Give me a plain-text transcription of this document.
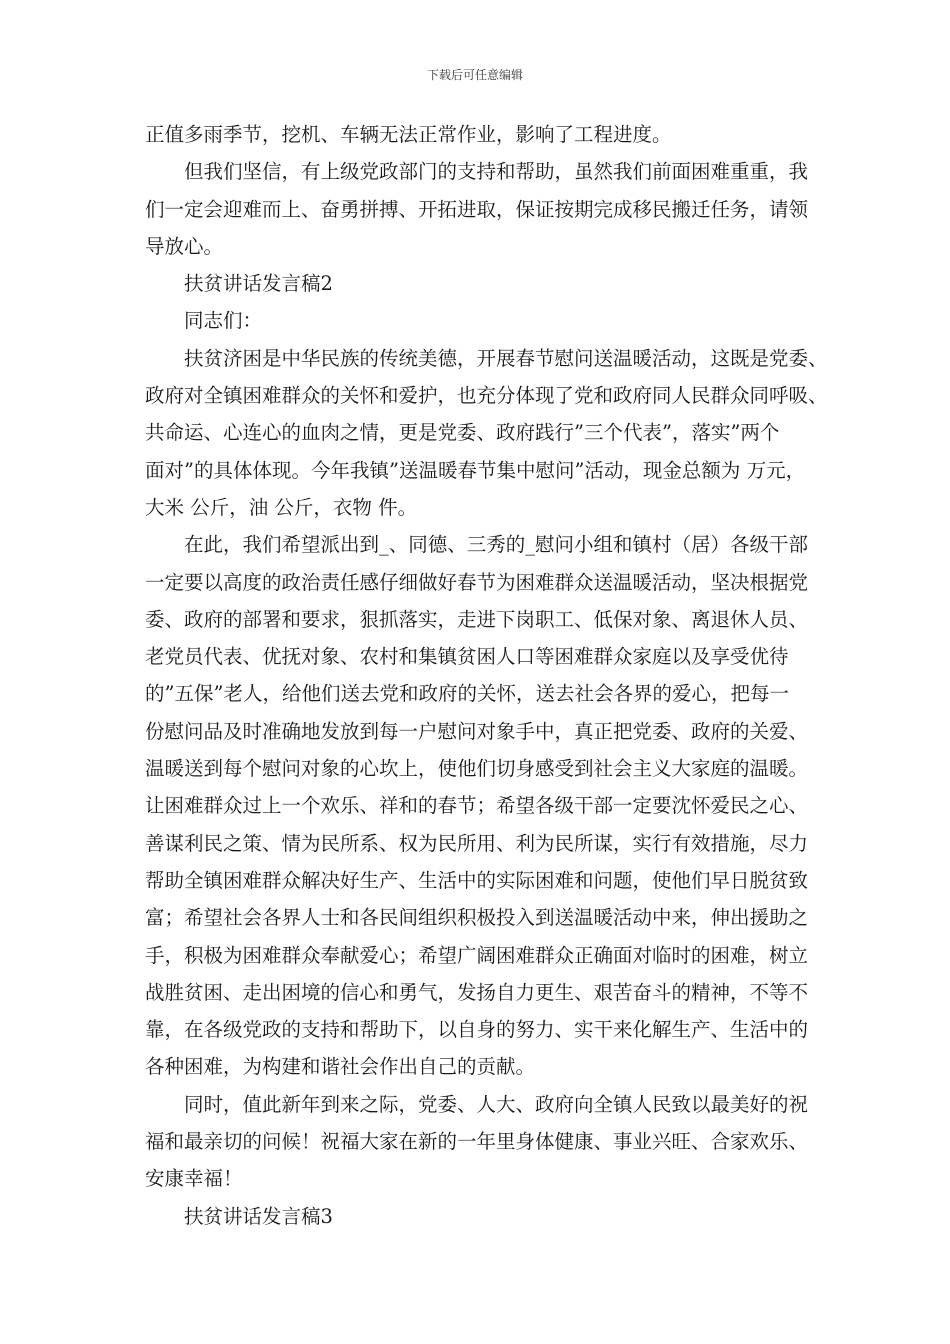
下载后可任意编辑
正值多雨季节，挖机、车辆无法正常作业，影响了工程进度。
但我们坚信，有上级党政部门的支持和帮助，虽然我们前面困难重重，我
们一定会迎难而上、奋勇拼搏、开拓进取，保证按期完成移民搬迁任务，请领
导放心。
扶贫讲话发言稿2
同志们：
扶贫济困是中华民族的传统美德，开展春节慰问送温暖活动，这既是党委、
政府对全镇困难群众的关怀和爱护，也充分体现了党和政府同人民群众同呼吸、
共命运、心连心的血肉之情，更是党委、政府践行”三个代表”，落实”两个
面对”的具体体现。今年我镇”送温暖春节集中慰问”活动，现金总额为 万元，
大米 公斤，油 公斤，衣物 件。
在此，我们希望派出到_、同德、三秀的_慰问小组和镇村（居）各级干部
一定要以高度的政治责任感仔细做好春节为困难群众送温暖活动，坚决根据党
委、政府的部署和要求，狠抓落实，走进下岗职工、低保对象、离退休人员、
老党员代表、优抚对象、农村和集镇贫困人口等困难群众家庭以及享受优待
的”五保”老人，给他们送去党和政府的关怀，送去社会各界的爱心，把每一
份慰问品及时准确地发放到每一户慰问对象手中，真正把党委、政府的关爱、
温暖送到每个慰问对象的心坎上，使他们切身感受到社会主义大家庭的温暖。
让困难群众过上一个欢乐、祥和的春节；希望各级干部一定要沈怀爱民之心、
善谋利民之策、情为民所系、权为民所用、利为民所谋，实行有效措施，尽力
帮助全镇困难群众解决好生产、生活中的实际困难和问题，使他们早日脱贫致
富；希望社会各界人士和各民间组织积极投入到送温暖活动中来，伸出援助之
手，积极为困难群众奉献爱心；希望广阔困难群众正确面对临时的困难，树立
战胜贫困、走出困境的信心和勇气，发扬自力更生、艰苦奋斗的精神，不等不
靠，在各级党政的支持和帮助下，以自身的努力、实干来化解生产、生活中的
各种困难，为构建和谐社会作出自己的贡献。
同时，值此新年到来之际，党委、人大、政府向全镇人民致以最美好的祝
福和最亲切的问候！祝福大家在新的一年里身体健康、事业兴旺、合家欢乐、
安康幸福！
扶贫讲话发言稿3
